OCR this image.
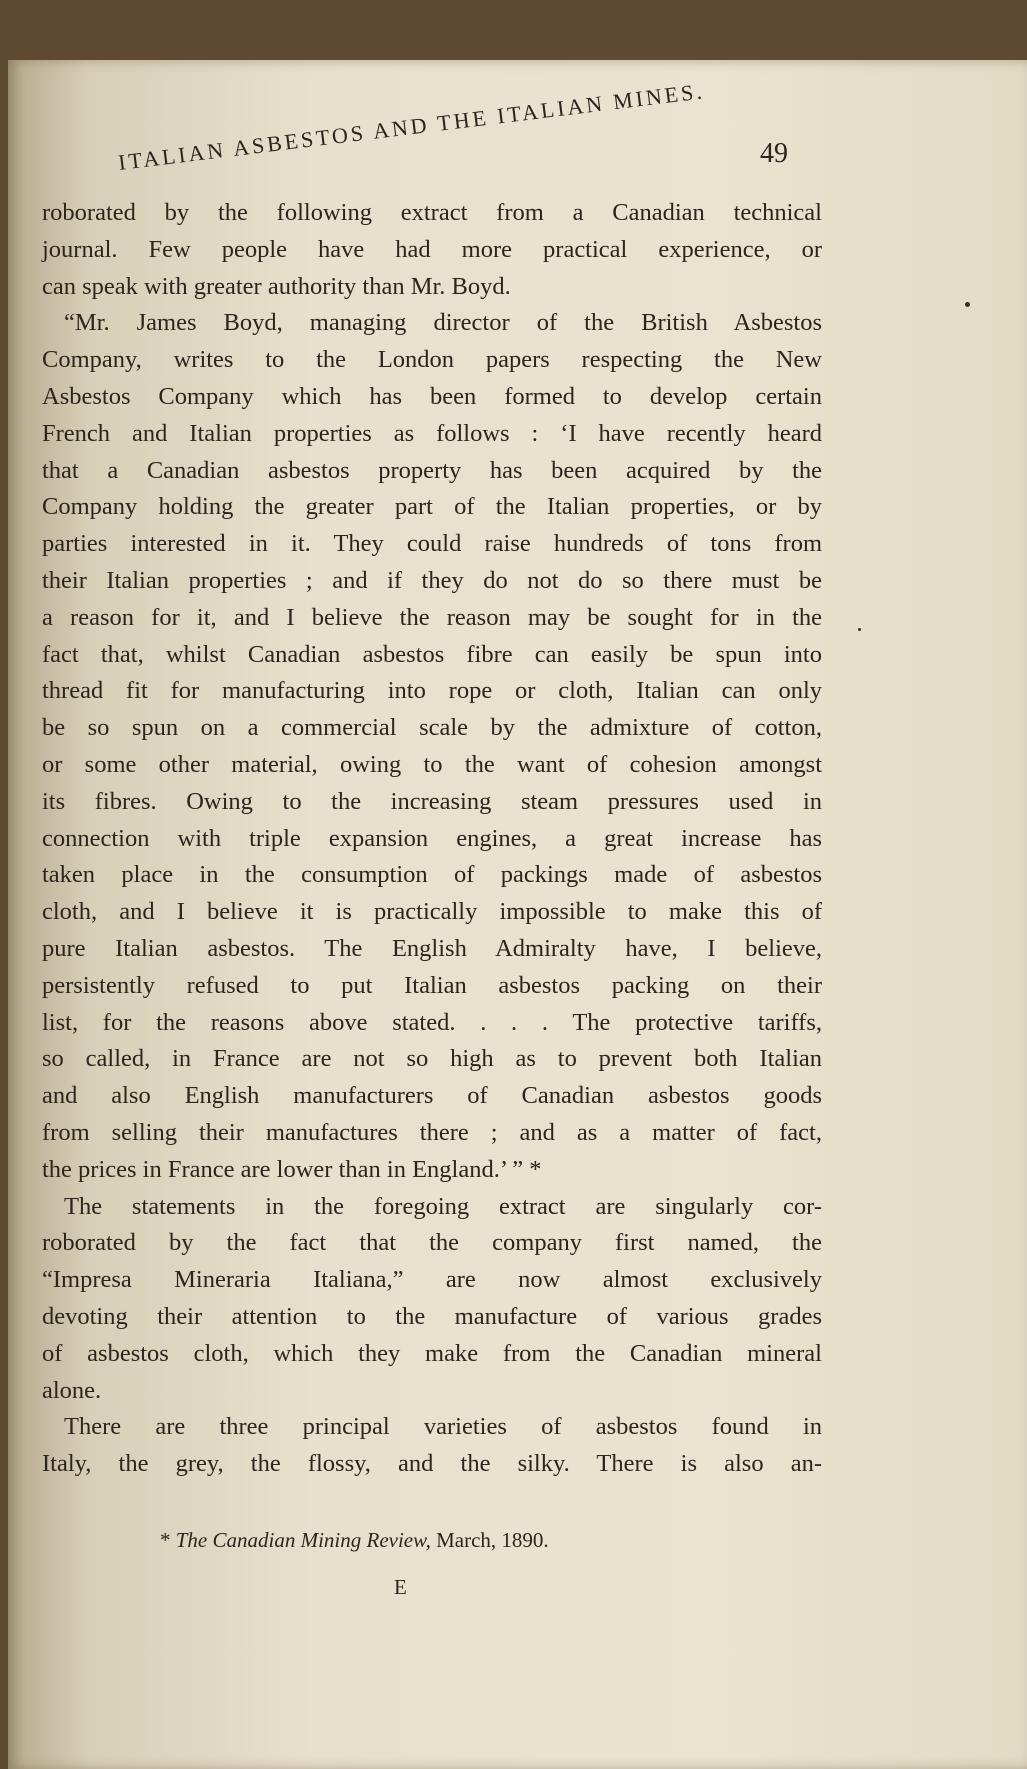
ITALIAN ASBESTOS AND THE ITALIAN MINES. 49
roborated by the following extract from a Canadian technical
journal. Few people have had more practical experience, or
can speak with greater authority than Mr. Boyd.
“Mr. James Boyd, managing director of the British Asbestos
Company, writes to the London papers respecting the New
Asbestos Company which has been formed to develop certain
French and Italian properties as follows : ‘I have recently heard
that a Canadian asbestos property has been acquired by the
Company holding the greater part of the Italian properties, or by
parties interested in it. They could raise hundreds of tons from
their Italian properties ; and if they do not do so there must be
a reason for it, and I believe the reason may be sought for in the
fact that, whilst Canadian asbestos fibre can easily be spun into
thread fit for manufacturing into rope or cloth, Italian can only
be so spun on a commercial scale by the admixture of cotton,
or some other material, owing to the want of cohesion amongst
its fibres. Owing to the increasing steam pressures used in
connection with triple expansion engines, a great increase has
taken place in the consumption of packings made of asbestos
cloth, and I believe it is practically impossible to make this of
pure Italian asbestos. The English Admiralty have, I believe,
persistently refused to put Italian asbestos packing on their
list, for the reasons above stated. . . . The protective tariffs,
so called, in France are not so high as to prevent both Italian
and also English manufacturers of Canadian asbestos goods
from selling their manufactures there ; and as a matter of fact,
the prices in France are lower than in England.’ ” *
The statements in the foregoing extract are singularly cor-
roborated by the fact that the company first named, the
“Impresa Mineraria Italiana,” are now almost exclusively
devoting their attention to the manufacture of various grades
of asbestos cloth, which they make from the Canadian mineral
alone.
There are three principal varieties of asbestos found in
Italy, the grey, the flossy, and the silky. There is also an-
* The Canadian Mining Review, March, 1890.
E
